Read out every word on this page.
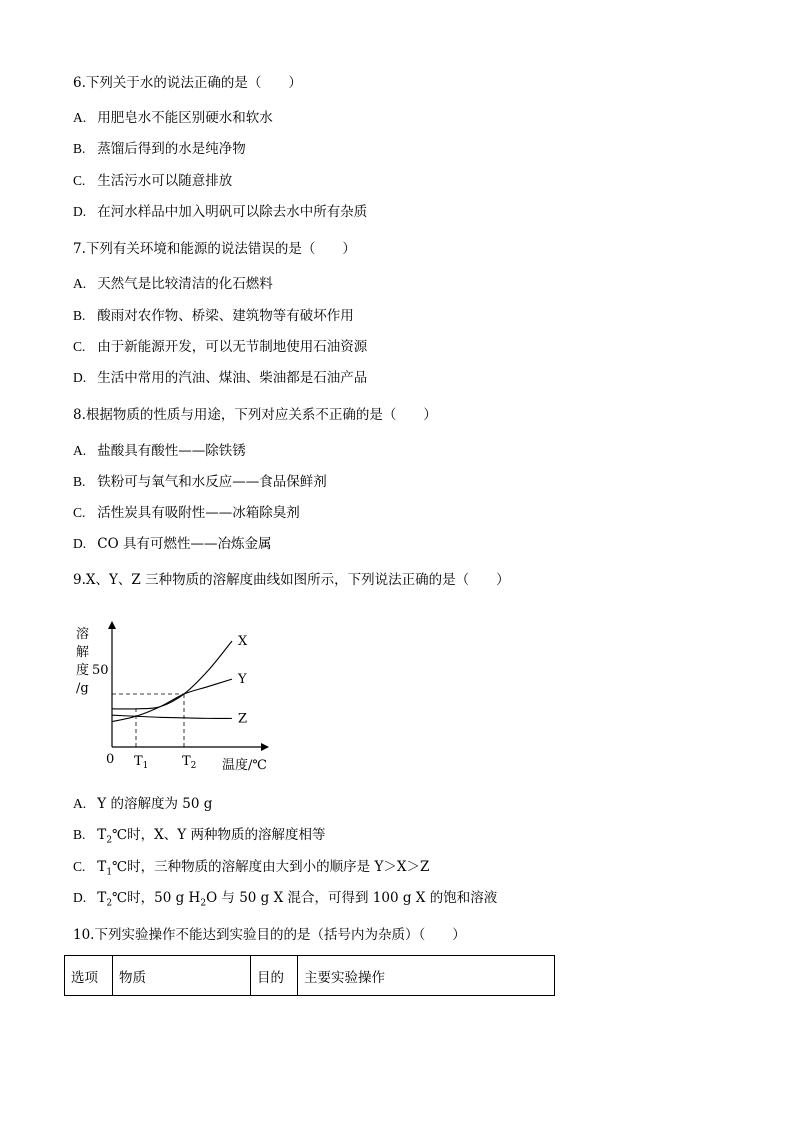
6.下列关于水的说法正确的是（　　）
A. 用肥皂水不能区别硬水和软水
B. 蒸馏后得到的水是纯净物
C. 生活污水可以随意排放
D. 在河水样品中加入明矾可以除去水中所有杂质
7.下列有关环境和能源的说法错误的是（　　）
A. 天然气是比较清洁的化石燃料
B. 酸雨对农作物、桥梁、建筑物等有破坏作用
C. 由于新能源开发，可以无节制地使用石油资源
D. 生活中常用的汽油、煤油、柴油都是石油产品
8.根据物质的性质与用途，下列对应关系不正确的是（　　）
A. 盐酸具有酸性——除铁锈
B. 铁粉可与氧气和水反应——食品保鲜剂
C. 活性炭具有吸附性——冰箱除臭剂
D. CO 具有可燃性——冶炼金属
9.X、Y、Z 三种物质的溶解度曲线如图所示，下列说法正确的是（　　）
溶
解
度
/g
50
0 $T_1$	$T_2$ 温度/℃
X
Y
Z
A. Y 的溶解度为 50 g
B. $T_2℃$时，X、Y 两种物质的溶解度相等
C. $T_1℃$时，三种物质的溶解度由大到小的顺序是 Y＞X＞Z
D. $T_2℃$时，50 g $H_2O$ 与 50 g X 混合，可得到 100 g X 的饱和溶液
10.下列实验操作不能达到实验目的的是（括号内为杂质）（　　）
选项	物质	目的	主要实验操作
